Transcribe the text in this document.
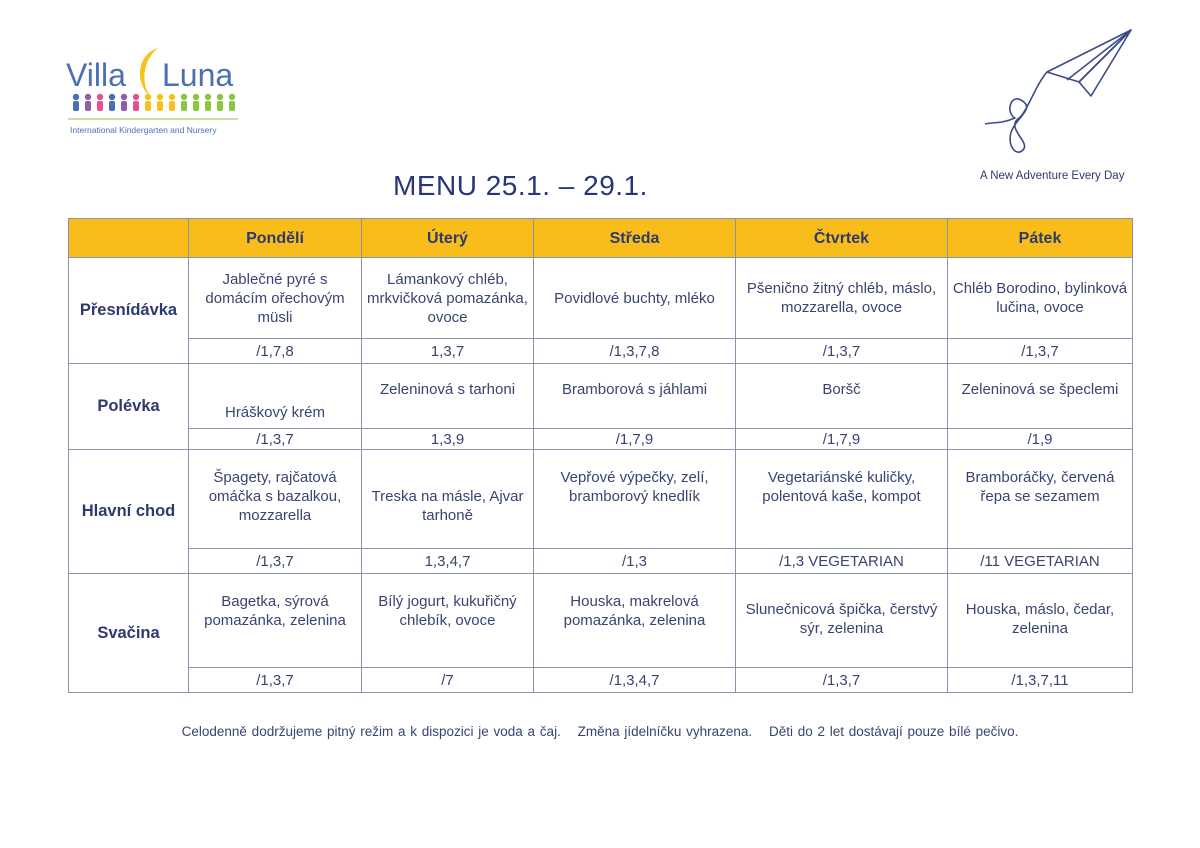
Villa Luna
International Kindergarten and Nursery
A New Adventure Every Day
MENU 25.1. – 29.1.
	Pondělí	Úterý	Středa	Čtvrtek	Pátek
Přesnídávka	Jablečné pyré s domácím ořechovým müsli	Lámankový chléb, mrkvičková pomazánka, ovoce	Povidlové buchty, mléko	Pšeničnо žitný chléb, máslo, mozzarella, ovoce	Chléb Borodino, bylinková lučina, ovoce
	/1,7,8	1,3,7	/1,3,7,8	/1,3,7	/1,3,7
Polévka	Hráškový krém	Zeleninová s tarhoni	Bramborová s jáhlami	Boršč	Zeleninová se špeclemi
	/1,3,7	1,3,9	/1,7,9	/1,7,9	/1,9
Hlavní chod	Špagety, rajčatová omáčka s bazalkou, mozzarella	Treska na másle, Ajvar tarhoně	Vepřové výpečky, zelí, bramborový knedlík	Vegetariánské kuličky, polentová kaše, kompot	Bramboráčky, červená řepa se sezamem
	/1,3,7	1,3,4,7	/1,3	/1,3 VEGETARIAN	/11 VEGETARIAN
Svačina	Bagetka, sýrová pomazánka, zelenina	Bílý jogurt, kukuřičný chlebík, ovoce	Houska, makrelová pomazánka, zelenina	Slunečnicová špička, čerstvý sýr, zelenina	Houska, máslo, čedar, zelenina
	/1,3,7	/7	/1,3,4,7	/1,3,7	/1,3,7,11
Celodenně dodržujeme pitný režim a k dispozici je voda a čaj. Změna jídelníčku vyhrazena. Děti do 2 let dostávají pouze bílé pečivo.
